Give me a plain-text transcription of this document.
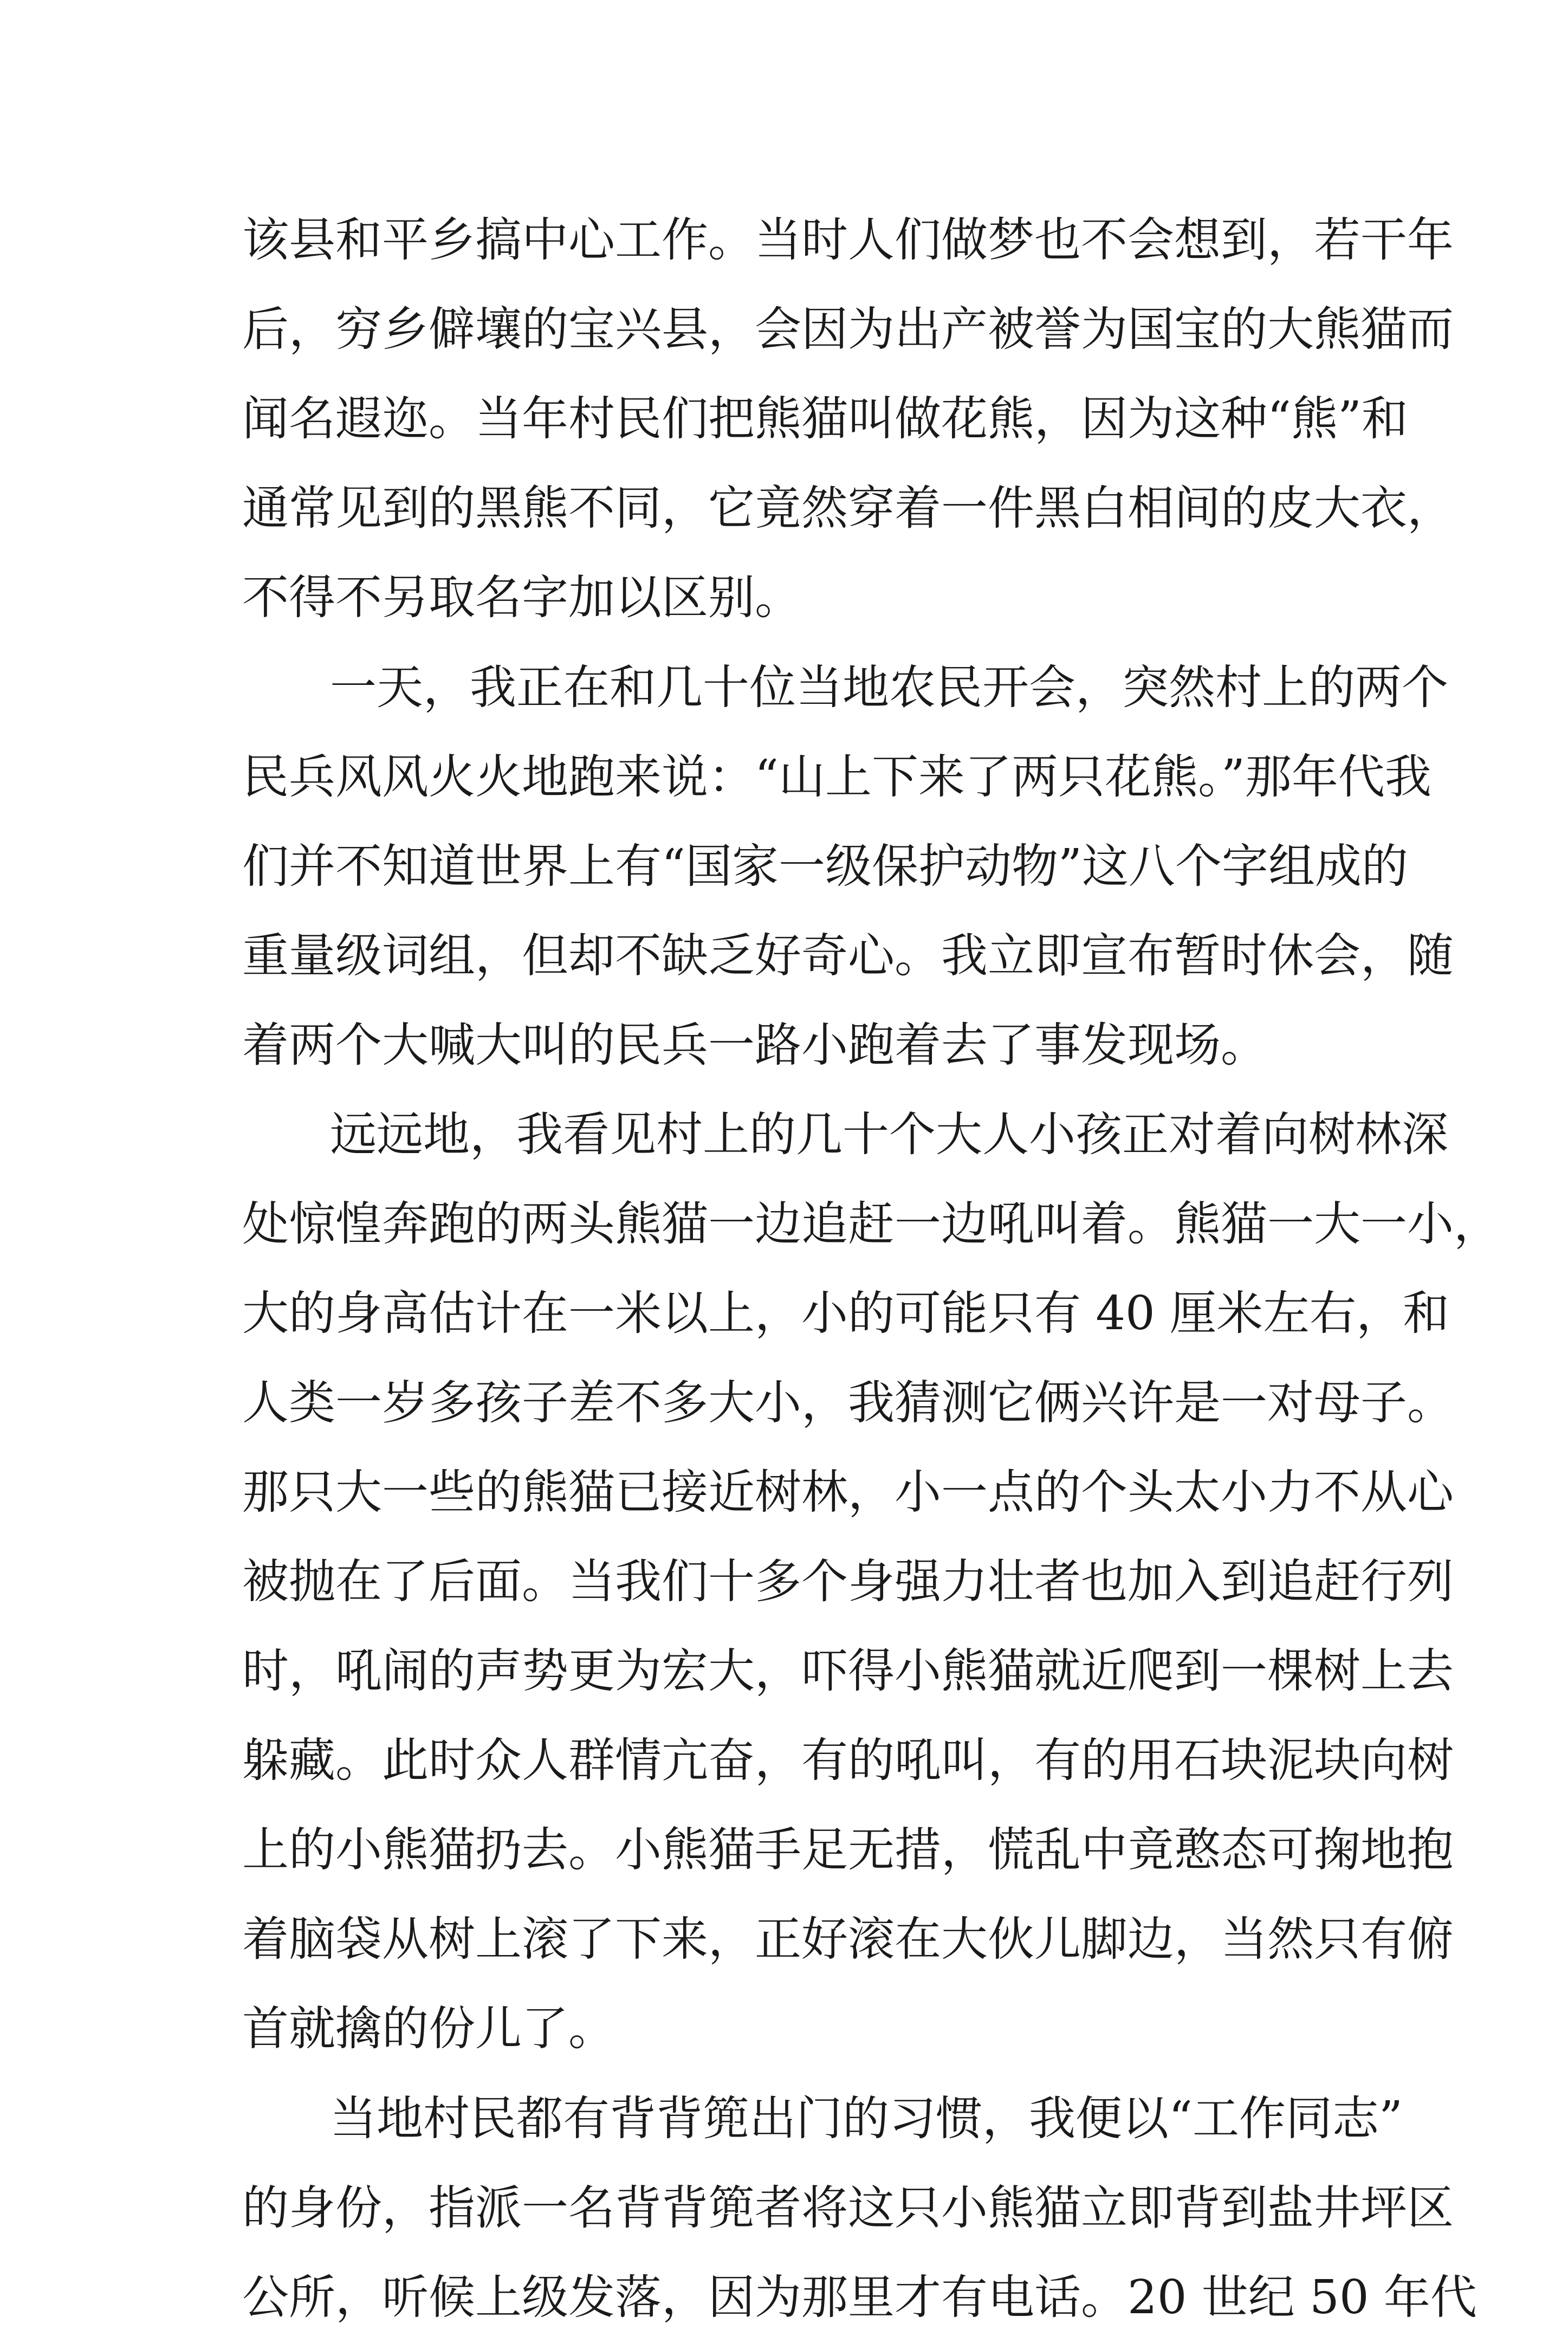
该县和平乡搞中心工作。当时人们做梦也不会想到，若干年
后，穷乡僻壤的宝兴县，会因为出产被誉为国宝的大熊猫而
闻名遐迩。当年村民们把熊猫叫做花熊，因为这种“熊”和
通常见到的黑熊不同，它竟然穿着一件黑白相间的皮大衣，
不得不另取名字加以区别。
一天，我正在和几十位当地农民开会，突然村上的两个
民兵风风火火地跑来说：“山上下来了两只花熊。”那年代我
们并不知道世界上有“国家一级保护动物”这八个字组成的
重量级词组，但却不缺乏好奇心。我立即宣布暂时休会，随
着两个大喊大叫的民兵一路小跑着去了事发现场。
远远地，我看见村上的几十个大人小孩正对着向树林深
处惊惶奔跑的两头熊猫一边追赶一边吼叫着。熊猫一大一小，
大的身高估计在一米以上，小的可能只有 40 厘米左右，和
人类一岁多孩子差不多大小，我猜测它俩兴许是一对母子。
那只大一些的熊猫已接近树林，小一点的个头太小力不从心
被抛在了后面。当我们十多个身强力壮者也加入到追赶行列
时，吼闹的声势更为宏大，吓得小熊猫就近爬到一棵树上去
躲藏。此时众人群情亢奋，有的吼叫，有的用石块泥块向树
上的小熊猫扔去。小熊猫手足无措，慌乱中竟憨态可掬地抱
着脑袋从树上滚了下来，正好滚在大伙儿脚边，当然只有俯
首就擒的份儿了。
当地村民都有背背篼出门的习惯，我便以“工作同志”
的身份，指派一名背背篼者将这只小熊猫立即背到盐井坪区
公所，听候上级发落，因为那里才有电话。20 世纪 50 年代
